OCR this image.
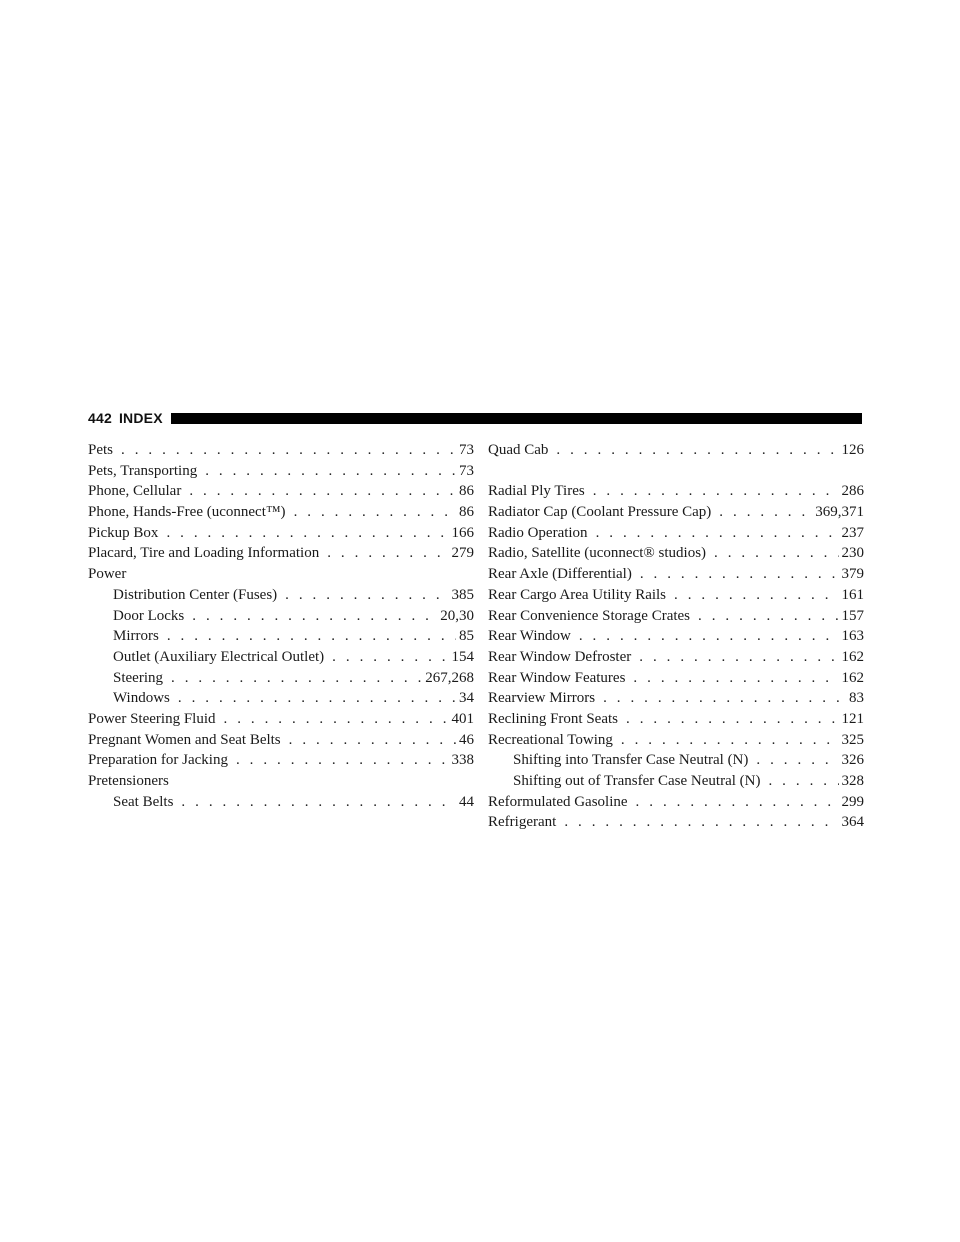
442 INDEX
Pets . . .	73
Pets, Transporting . . .	73
Phone, Cellular . . .	86
Phone, Hands-Free (uconnect™) . . .	86
Pickup Box . . .	166
Placard, Tire and Loading Information . . .	279
Power
Distribution Center (Fuses) . . .	385
Door Locks . . .	20,30
Mirrors . . .	85
Outlet (Auxiliary Electrical Outlet) . . .	154
Steering . . .	267,268
Windows . . .	34
Power Steering Fluid . . .	401
Pregnant Women and Seat Belts . . .	46
Preparation for Jacking . . .	338
Pretensioners
Seat Belts . . .	44
Quad Cab . . .	126
Radial Ply Tires . . .	286
Radiator Cap (Coolant Pressure Cap) . . .	369,371
Radio Operation . . .	237
Radio, Satellite (uconnect® studios) . . .	230
Rear Axle (Differential) . . .	379
Rear Cargo Area Utility Rails . . .	161
Rear Convenience Storage Crates . . .	157
Rear Window . . .	163
Rear Window Defroster . . .	162
Rear Window Features . . .	162
Rearview Mirrors . . .	83
Reclining Front Seats . . .	121
Recreational Towing . . .	325
Shifting into Transfer Case Neutral (N) . . .	326
Shifting out of Transfer Case Neutral (N) . . .	328
Reformulated Gasoline . . .	299
Refrigerant . . .	364
